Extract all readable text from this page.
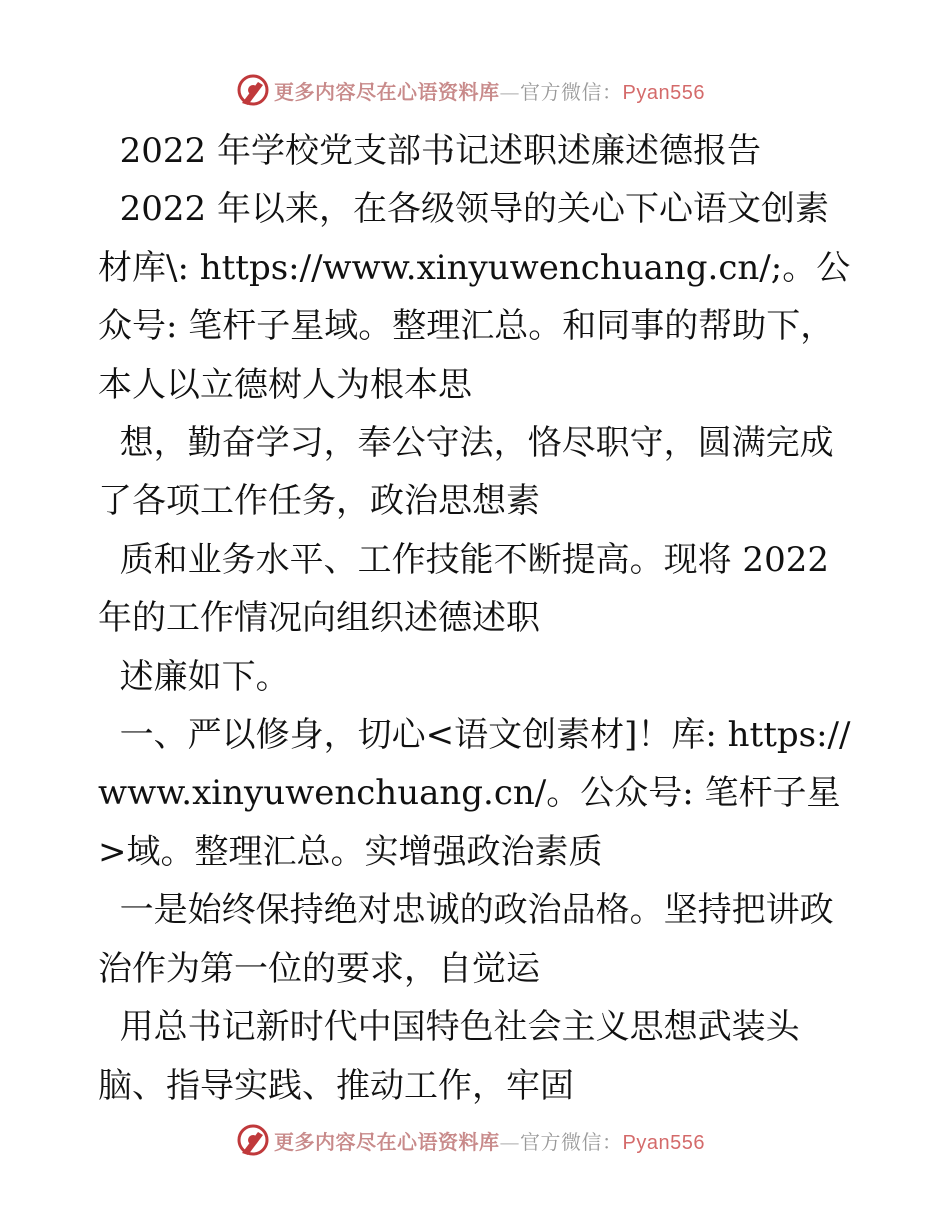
更多内容尽在心语资料库—官方微信：Pyan556

2022 年学校党支部书记述职述廉述德报告

2022 年以来，在各级领导的关心下心语文创素材库\: https://www.xinyuwenchuang.cn/;。公众号: 笔杆子星域。整理汇总。和同事的帮助下，本人以立德树人为根本思

想，勤奋学习，奉公守法，恪尽职守，圆满完成了各项工作任务，政治思想素

质和业务水平、工作技能不断提高。现将 2022 年的工作情况向组织述德述职

述廉如下。

一、严以修身，切心<语文创素材]！库: https://www.xinyuwenchuang.cn/。公众号: 笔杆子星>域。整理汇总。实增强政治素质

一是始终保持绝对忠诚的政治品格。坚持把讲政治作为第一位的要求，自觉运

用总书记新时代中国特色社会主义思想武装头脑、指导实践、推动工作，牢固

更多内容尽在心语资料库—官方微信：Pyan556
